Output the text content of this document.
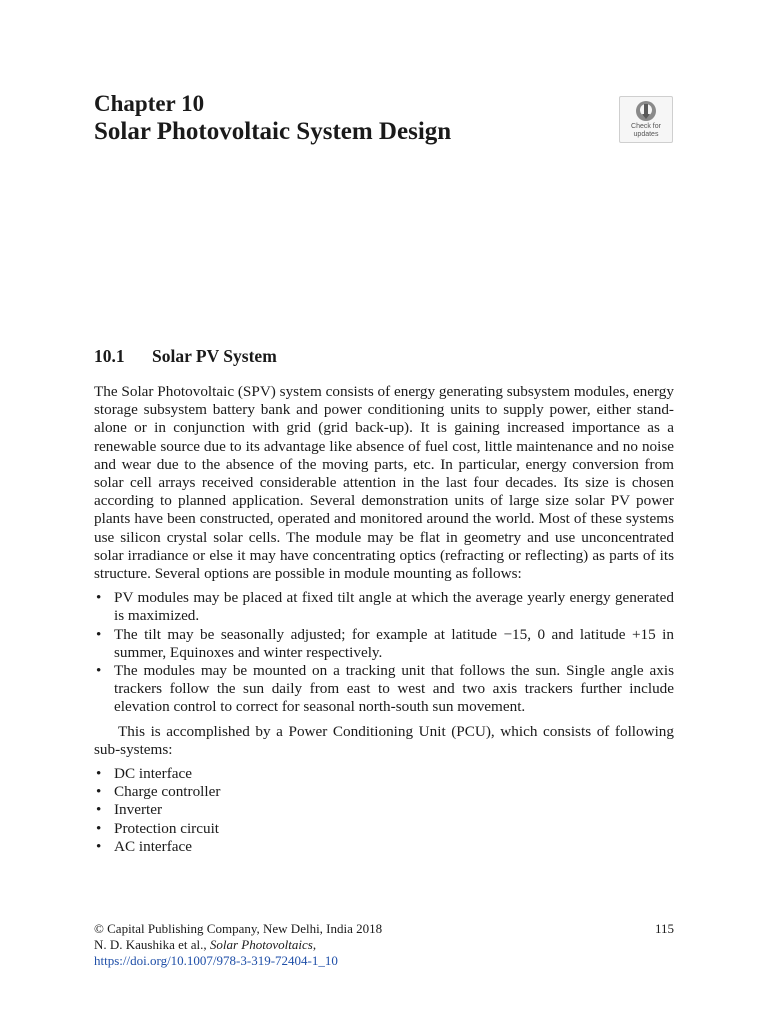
Chapter 10
Solar Photovoltaic System Design	Check for
updates
10.1 Solar PV System

The Solar Photovoltaic (SPV) system consists of energy generating subsystem modules, energy storage subsystem battery bank and power conditioning units to supply power, either stand-alone or in conjunction with grid (grid back-up). It is gaining increased importance as a renewable source due to its advantage like absence of fuel cost, little maintenance and no noise and wear due to the absence of the moving parts, etc. In particular, energy conversion from solar cell arrays received considerable attention in the last four decades. Its size is chosen according to planned application. Several demonstration units of large size solar PV power plants have been constructed, operated and monitored around the world. Most of these systems use silicon crystal solar cells. The module may be flat in geometry and use unconcentrated solar irradiance or else it may have concentrating optics (refracting or reflecting) as parts of its structure. Several options are possible in module mounting as follows:

• PV modules may be placed at fixed tilt angle at which the average yearly energy generated is maximized.
• The tilt may be seasonally adjusted; for example at latitude −15, 0 and latitude +15 in summer, Equinoxes and winter respectively.
• The modules may be mounted on a tracking unit that follows the sun. Single angle axis trackers follow the sun daily from east to west and two axis trackers further include elevation control to correct for seasonal north-south sun movement.

This is accomplished by a Power Conditioning Unit (PCU), which consists of following sub-systems:

• DC interface
• Charge controller
• Inverter
• Protection circuit
• AC interface
© Capital Publishing Company, New Delhi, India 2018
N. D. Kaushika et al., Solar Photovoltaics,
https://doi.org/10.1007/978-3-319-72404-1_10
115
